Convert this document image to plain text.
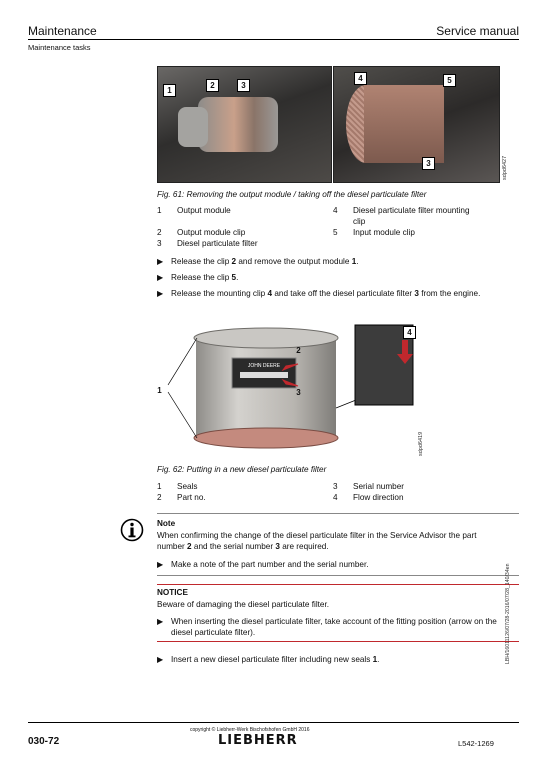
Maintenance	Service manual
Maintenance tasks
1
2	3
4	5
3	sdpd6427
Fig. 61: Removing the output module / taking off the diesel particulate filter
1 Output module	4 Diesel particulate filter mounting
clip
2 Output module clip	5 Input module clip
3 Diesel particulate filter
▶ Release the clip 2 and remove the output module 1.
▶ Release the clip 5.
▶ Release the mounting clip 4 and take off the diesel particulate filter 3 from the engine.
JOHN DEERE
2
3
1
4
sdpd6419
Fig. 62: Putting in a new diesel particulate filter
1 Seals	3 Serial number
2 Part no.	4 Flow direction
Note
When confirming the change of the diesel particulate filter in the Service Advisor the part number 2 and the serial number 3 are required.
▶ Make a note of the part number and the serial number.
NOTICE
Beware of damaging the diesel particulate filter.
▶ When inserting the diesel particulate filter, take account of the fitting position (arrow on the diesel particulate filter).
▶ Insert a new diesel particulate filter including new seals 1.	LBH/16011126/07/28-2016/07/28_140/34en
030-72
copyright © Liebherr-Werk Bischofshofen GmbH 2016
LIEBHERR	L542-1269
